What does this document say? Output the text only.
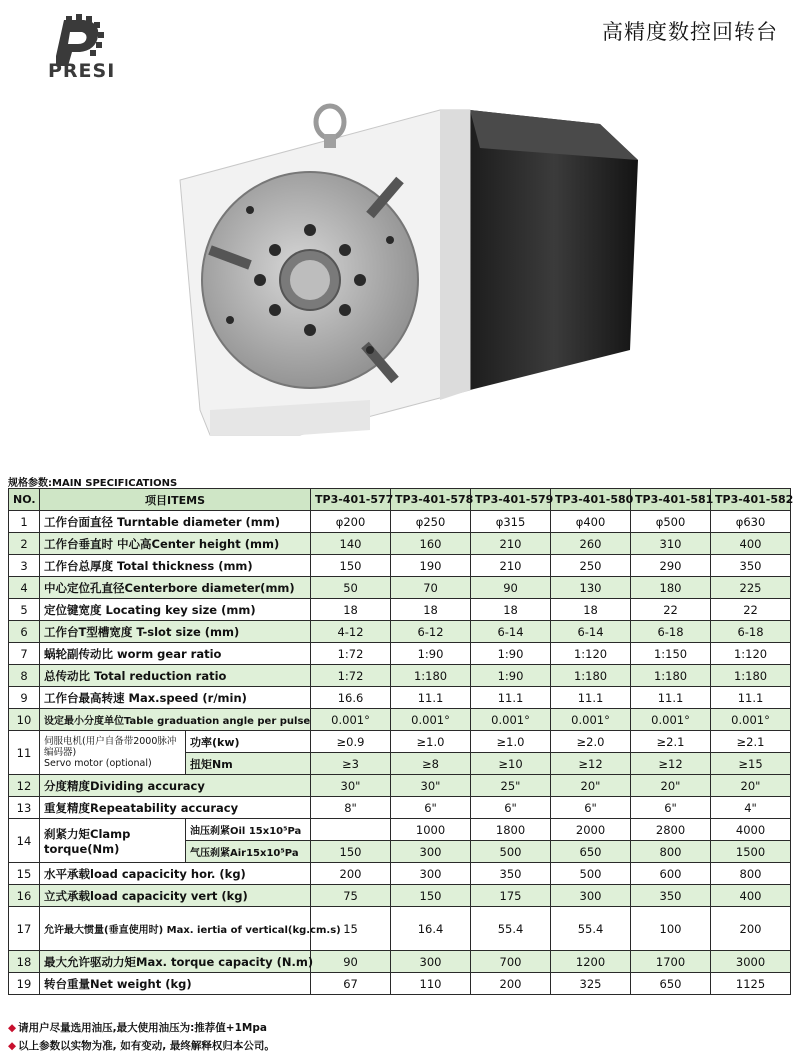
PRESI
高精度数控回转台
规格参数:MAIN SPECIFICATIONS
NO.	项目ITEMS		TP3-401-577	TP3-401-578	TP3-401-579	TP3-401-580	TP3-401-581	TP3-401-582
1	工作台面直径 Turntable diameter (mm)		φ200	φ250	φ315	φ400	φ500	φ630
2	工作台垂直时 中心高Center height (mm)		140	160	210	260	310	400
3	工作台总厚度 Total thickness (mm)		150	190	210	250	290	350
4	中心定位孔直径Centerbore diameter(mm)		50	70	90	130	180	225
5	定位键宽度 Locating key size (mm)		18	18	18	18	22	22
6	工作台T型槽宽度 T-slot size (mm)		4-12	6-12	6-14	6-14	6-18	6-18
7	蜗轮副传动比 worm gear ratio		1:72	1:90	1:90	1:120	1:150	1:120
8	总传动比 Total reduction ratio		1:72	1:180	1:90	1:180	1:180	1:180
9	工作台最高转速 Max.speed (r/min)		16.6	11.1	11.1	11.1	11.1	11.1
10	设定最小分度单位Table graduation angle per pulse		0.001°	0.001°	0.001°	0.001°	0.001°	0.001°
11	伺服电机(用户自备带2000脉冲编码器)
Servo motor (optional)	功率(kw)	≥0.9	≥1.0	≥1.0	≥2.0	≥2.1	≥2.1
		扭矩Nm	≥3	≥8	≥10	≥12	≥12	≥15
12	分度精度Dividing accuracy		30"	30"	25"	20"	20"	20"
13	重复精度Repeatability accuracy		8"	6"	6"	6"	6"	4"
14	刹紧力矩Clamp
torque(Nm)	油压刹紧Oil 15x10⁵Pa		1000	1800	2000	2800	4000
		气压刹紧Air15x10⁵Pa	150	300	500	650	800	1500
15	水平承载load capacicity hor. (kg)		200	300	350	500	600	800
16	立式承载load capacicity vert (kg)		75	150	175	300	350	400
17	允许最大惯量(垂直使用时) Max. iertia of vertical(kg.cm.s)		15	16.4	55.4	55.4	100	200
18	最大允许驱动力矩Max. torque capacity (N.m)		90	300	700	1200	1700	3000
19	转台重量Net weight (kg)		67	110	200	325	650	1125
◆ 请用户尽量选用油压,最大使用油压为:推荐值+1Mpa
◆ 以上参数以实物为准, 如有变动, 最终解释权归本公司。
